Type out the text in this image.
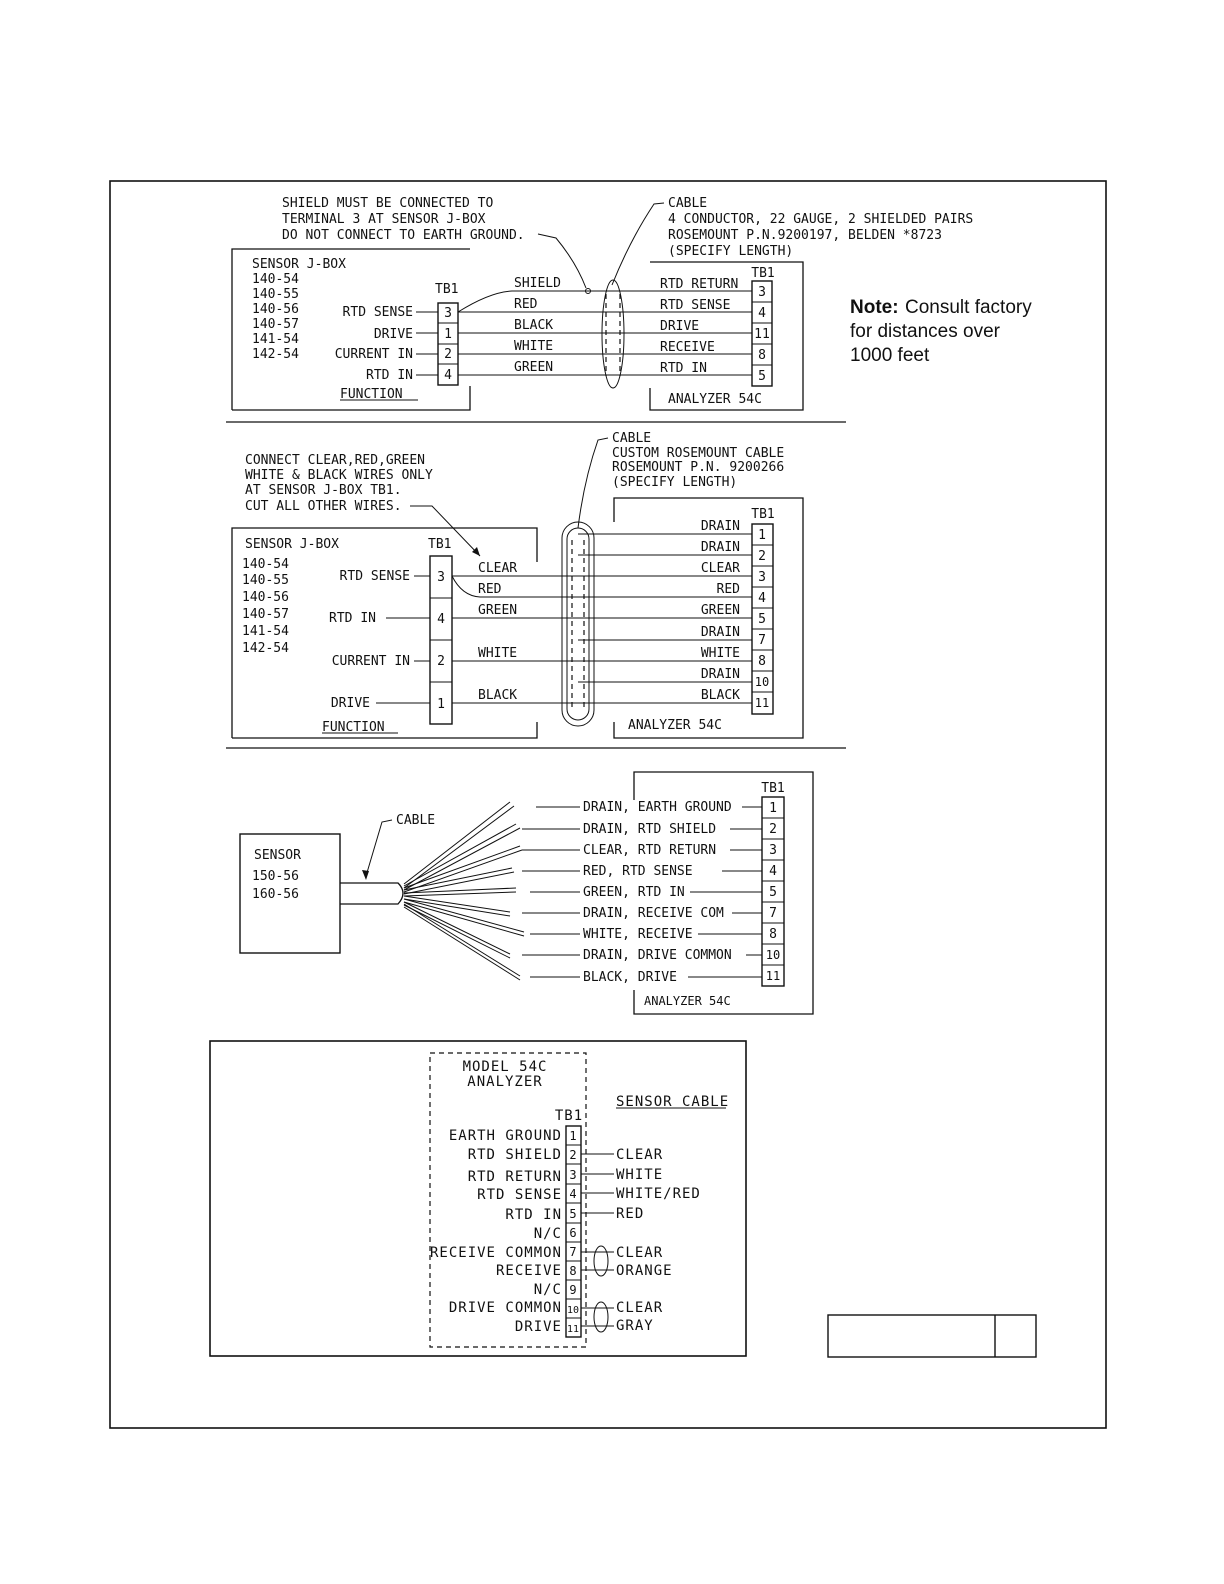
Note: Consult factory
for distances over
1000 feet
SHIELD MUST BE CONNECTED TO
TERMINAL 3 AT SENSOR J-BOX
DO NOT CONNECT TO EARTH GROUND.
CABLE
4 CONDUCTOR, 22 GAUGE, 2 SHIELDED PAIRS
ROSEMOUNT P.N.9200197, BELDEN *8723
(SPECIFY LENGTH)
SENSOR J-BOX
140-54
140-55
140-56
140-57
141-54
142-54
TB1
FUNCTION
RTD SENSE
DRIVE
CURRENT IN
RTD IN
3
1
2
4
SHIELD
RED
BLACK
WHITE
GREEN
TB1
3
4
11
8
5
RTD RETURN
RTD SENSE
DRIVE
RECEIVE
RTD IN
ANALYZER 54C
CONNECT CLEAR,RED,GREEN
WHITE & BLACK WIRES ONLY
AT SENSOR J-BOX TB1.
CUT ALL OTHER WIRES.
CABLE
CUSTOM ROSEMOUNT CABLE
ROSEMOUNT P.N. 9200266
(SPECIFY LENGTH)
SENSOR J-BOX	TB1
140-54
140-55
140-56
140-57
141-54
142-54
FUNCTION
RTD SENSE
RTD IN
CURRENT IN
DRIVE
3
4
2
1
CLEAR
RED
GREEN
WHITE
BLACK
TB1
1
2
3
4
5
7
8
10
11
DRAIN
DRAIN
CLEAR
RED
GREEN
DRAIN
WHITE
DRAIN
BLACK
ANALYZER 54C
SENSOR
150-56
160-56
CABLE
DRAIN, EARTH GROUND
DRAIN, RTD SHIELD
CLEAR, RTD RETURN
RED, RTD SENSE
GREEN, RTD IN
DRAIN, RECEIVE COM
WHITE, RECEIVE
DRAIN, DRIVE COMMON
BLACK, DRIVE
TB1
1
2
3
4
5
7
8
10
11
ANALYZER 54C
MODEL 54C
ANALYZER
TB1
SENSOR CABLE
EARTH GROUND
RTD SHIELD
RTD RETURN
RTD SENSE
RTD IN
N/C
RECEIVE COMMON
RECEIVE
N/C
DRIVE COMMON
DRIVE
1
2
3
4
5
6
7
8
9
10
11
CLEAR
WHITE
WHITE/RED
RED
CLEAR
ORANGE
CLEAR
GRAY
